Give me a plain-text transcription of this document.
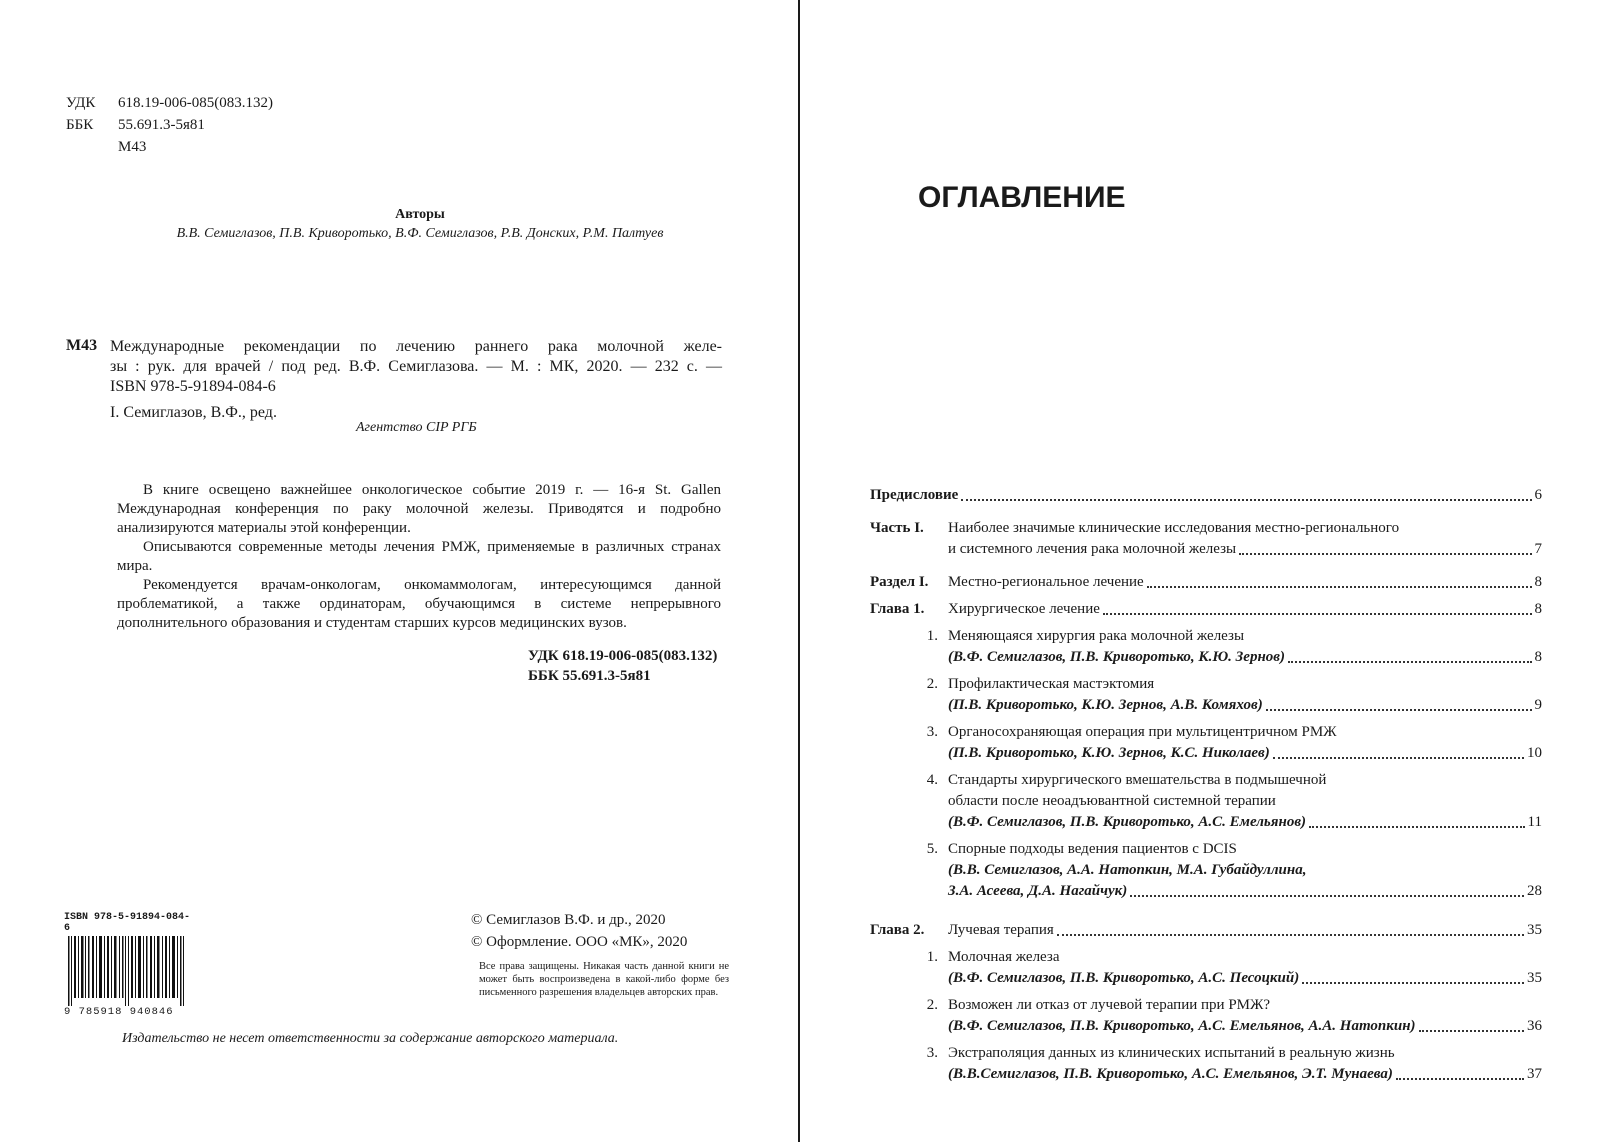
УДК 618.19-006-085(083.132)
ББК 55.691.3-5я81
М43
Авторы
В.В. Семиглазов, П.В. Криворотько, В.Ф. Семиглазов, Р.В. Донских, Р.М. Палтуев
М43 Международные рекомендации по лечению раннего рака молочной желе-
зы : рук. для врачей / под ред. В.Ф. Семиглазова. — М. : МК, 2020. — 232 с. —
ISBN 978-5-91894-084-6
I. Семиглазов, В.Ф., ред.
Агентство CIP РГБ

В книге освещено важнейшее онкологическое событие 2019 г. — 16-я St. Gallen Международная конференция по раку молочной железы. Приводятся и подробно анализируются материалы этой конференции.

Описываются современные методы лечения РМЖ, применяемые в различных странах мира.

Рекомендуется врачам-онкологам, онкомаммологам, интересующимся данной проблематикой, а также ординаторам, обучающимся в системе непрерывного дополнительного образования и студентам старших курсов медицинских вузов.

УДК 618.19-006-085(083.132)
ББК 55.691.3-5я81
ISBN 978-5-91894-084-6
9 785918 940846
© Семиглазов В.Ф. и др., 2020
© Оформление. ООО «МК», 2020
Все права защищены. Никакая часть данной книги не может быть воспроизведена в какой-либо форме без письменного разрешения владельцев авторских прав.
Издательство не несет ответственности за содержание авторского материала.
ОГЛАВЛЕНИЕ
Предисловие	6
Часть I.	Наиболее значимые клинические исследования местно-регионального
и системного лечения рака молочной железы	7
Раздел I.	Местно-региональное лечение	8
Глава 1.	Хирургическое лечение	8
1. Меняющаяся хирургия рака молочной железы
(В.Ф. Семиглазов, П.В. Криворотько, К.Ю. Зернов)	8
2. Профилактическая мастэктомия
(П.В. Криворотько, К.Ю. Зернов, А.В. Комяхов)	9
3. Органосохраняющая операция при мультицентричном РМЖ
(П.В. Криворотько, К.Ю. Зернов, К.С. Николаев)	10
4. Стандарты хирургического вмешательства в подмышечной
области после неоадъювантной системной терапии
(В.Ф. Семиглазов, П.В. Криворотько, А.С. Емельянов)	11
5. Спорные подходы ведения пациентов с DCIS
(В.В. Семиглазов, А.А. Натопкин, М.А. Губайдуллина,
З.А. Асеева, Д.А. Нагайчук)	28
Глава 2.	Лучевая терапия	35
1. Молочная железа
(В.Ф. Семиглазов, П.В. Криворотько, А.С. Песоцкий)	35
2. Возможен ли отказ от лучевой терапии при РМЖ?
(В.Ф. Семиглазов, П.В. Криворотько, А.С. Емельянов, А.А. Натопкин)	36
3. Экстраполяция данных из клинических испытаний в реальную жизнь
(В.В.Семиглазов, П.В. Криворотько, А.С. Емельянов, Э.Т. Мунаева)	37
